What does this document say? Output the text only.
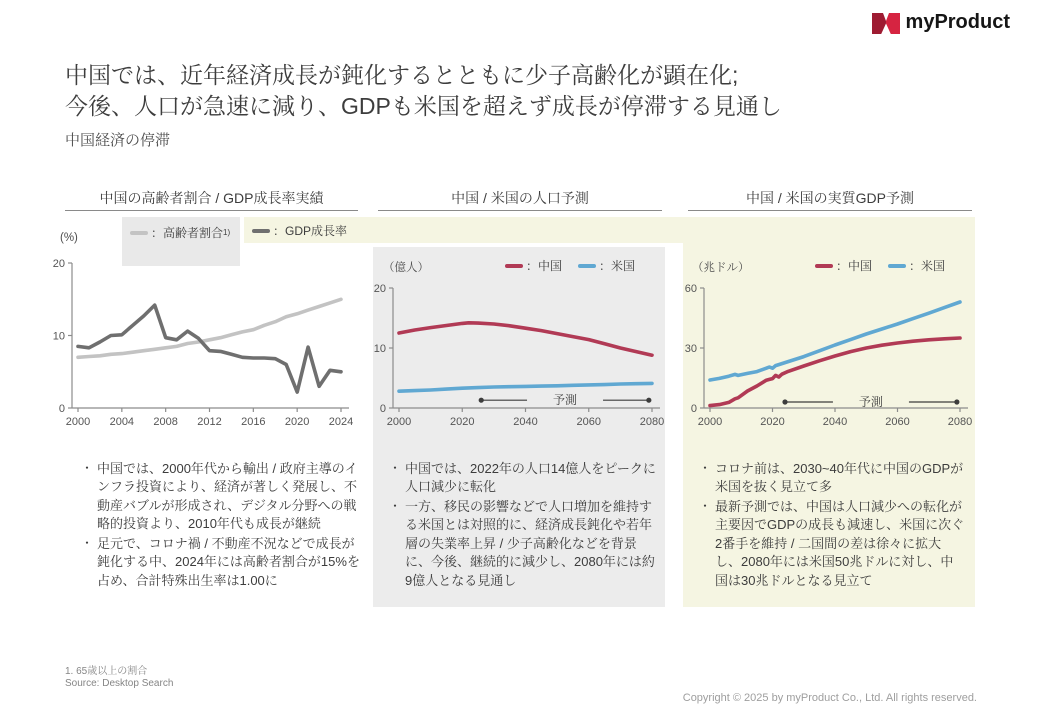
myProduct
中国では、近年経済成長が鈍化するとともに少子高齢化が顕在化;
今後、人口が急速に減り、GDPも米国を超えず成長が停滞する見通し
中国経済の停滞
中国の高齢者割合 / GDP成長率実績	中国 / 米国の人口予測	中国 / 米国の実質GDP予測
：高齢者割合 1)	：GDP成長率
：中国	：米国	：中国	：米国
(%)
（億人）	（兆ドル）
0
10
20
2000 2004 2008 2012 2016 2020 2024
0
10
20
2000	2020	2040	2060	2080
予測
0
30
60
2000	2020	2040	2060	2080
予測
・ 中国では、2000年代から輸出 / 政府主導のインフラ投資により、経済が著しく発展し、不動産バブルが形成され、デジタル分野への戦略的投資より、2010年代も成長が継続
・ 足元で、コロナ禍 / 不動産不況などで成長が鈍化する中、2024年には高齢者割合が15%を占め、合計特殊出生率は1.00に
・ 中国では、2022年の人口14億人をピークに人口減少に転化
・ 一方、移民の影響などで人口増加を維持する米国とは対照的に、経済成長鈍化や若年層の失業率上昇 / 少子高齢化などを背景に、今後、継続的に減少し、2080年には約9億人となる見通し
・ コロナ前は、2030~40年代に中国のGDPが米国を抜く見立て多
・ 最新予測では、中国は人口減少への転化が主要因でGDPの成長も減速し、米国に次ぐ2番手を維持 / 二国間の差は徐々に拡大し、2080年には米国50兆ドルに対し、中国は30兆ドルとなる見立て
1. 65歳以上の割合
Source: Desktop Search
Copyright © 2025 by myProduct Co., Ltd. All rights reserved.
